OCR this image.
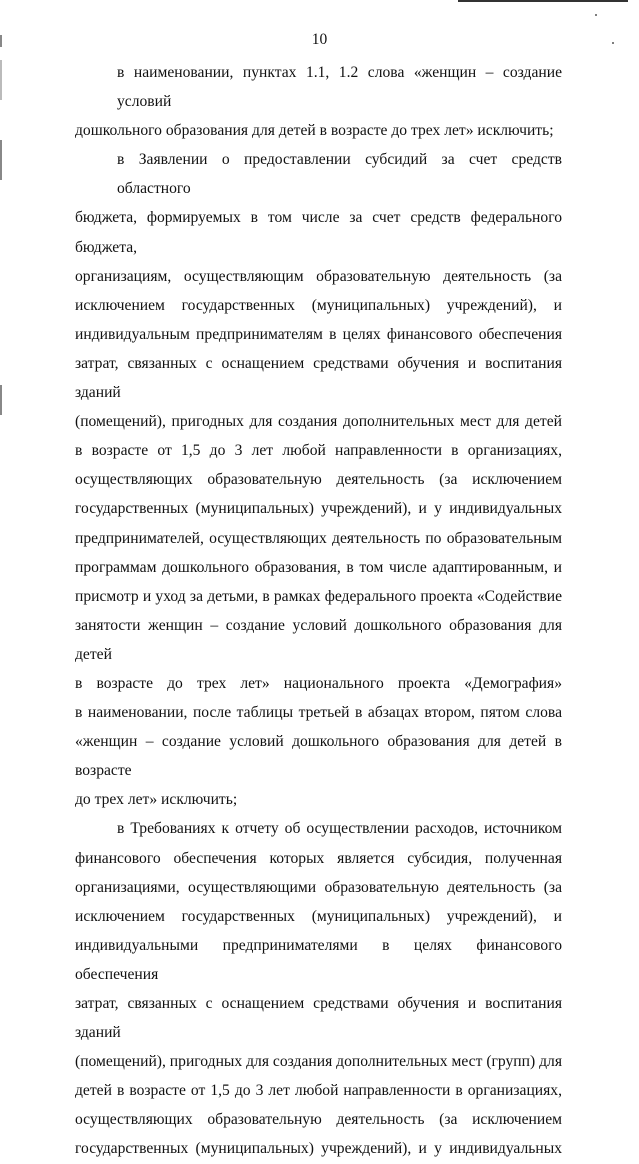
10

в наименовании, пунктах 1.1, 1.2 слова «женщин – создание условий
дошкольного образования для детей в возрасте до трех лет» исключить;

в Заявлении о предоставлении субсидий за счет средств областного
бюджета, формируемых в том числе за счет средств федерального бюджета,
организациям, осуществляющим образовательную деятельность (за
исключением государственных (муниципальных) учреждений), и
индивидуальным предпринимателям в целях финансового обеспечения
затрат, связанных с оснащением средствами обучения и воспитания зданий
(помещений), пригодных для создания дополнительных мест для детей
в возрасте от 1,5 до 3 лет любой направленности в организациях,
осуществляющих образовательную деятельность (за исключением
государственных (муниципальных) учреждений), и у индивидуальных
предпринимателей, осуществляющих деятельность по образовательным
программам дошкольного образования, в том числе адаптированным, и
присмотр и уход за детьми, в рамках федерального проекта «Содействие
занятости женщин – создание условий дошкольного образования для детей
в возрасте до трех лет» национального проекта «Демография»
в наименовании, после таблицы третьей в абзацах втором, пятом слова
«женщин – создание условий дошкольного образования для детей в возрасте
до трех лет» исключить;

в Требованиях к отчету об осуществлении расходов, источником
финансового обеспечения которых является субсидия, полученная
организациями, осуществляющими образовательную деятельность (за
исключением государственных (муниципальных) учреждений), и
индивидуальными предпринимателями в целях финансового обеспечения
затрат, связанных с оснащением средствами обучения и воспитания зданий
(помещений), пригодных для создания дополнительных мест (групп) для
детей в возрасте от 1,5 до 3 лет любой направленности в организациях,
осуществляющих образовательную деятельность (за исключением
государственных (муниципальных) учреждений), и у индивидуальных
